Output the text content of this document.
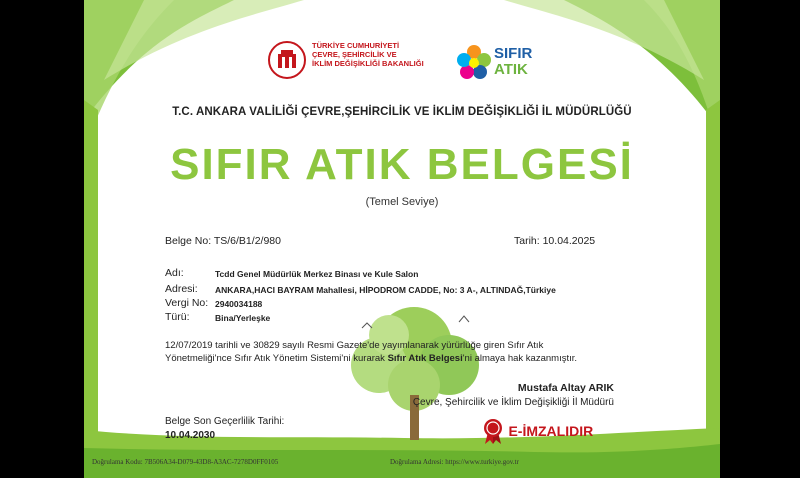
TÜRKİYE CUMHURİYETİ
ÇEVRE, ŞEHİRCİLİK VE
İKLİM DEĞİŞİKLİĞİ BAKANLIĞI
SIFIR
ATIK
T.C. ANKARA VALİLİĞİ ÇEVRE,ŞEHİRCİLİK VE İKLİM DEĞİŞİKLİĞİ İL MÜDÜRLÜĞÜ
SIFIR ATIK BELGESİ
(Temel Seviye)
Belge No: TS/6/B1/2/980	Tarih: 10.04.2025
Adı:	Tcdd Genel Müdürlük Merkez Binası ve Kule Salon
Adresi: ANKARA,HACI BAYRAM Mahallesi, HİPODROM CADDE, No: 3 A-, ALTINDAĞ,Türkiye
Vergi No: 2940034188
Türü:	Bina/Yerleşke
12/07/2019 tarihli ve 30829 sayılı Resmi Gazete'de yayımlanarak yürürlüğe giren Sıfır Atık
Yönetmeliği'nce Sıfır Atık Yönetim Sistemi'ni kurarak Sıfır Atık Belgesi'ni almaya hak kazanmıştır.
Mustafa Altay ARIK
Çevre, Şehircilik ve İklim Değişikliği İl Müdürü
Belge Son Geçerlilik Tarihi:
10.04.2030	E-İMZALIDIR
Doğrulama Kodu: 7B506A34-D079-43D8-A3AC-7278D0FF0105	Doğrulama Adresi: https://www.turkiye.gov.tr
